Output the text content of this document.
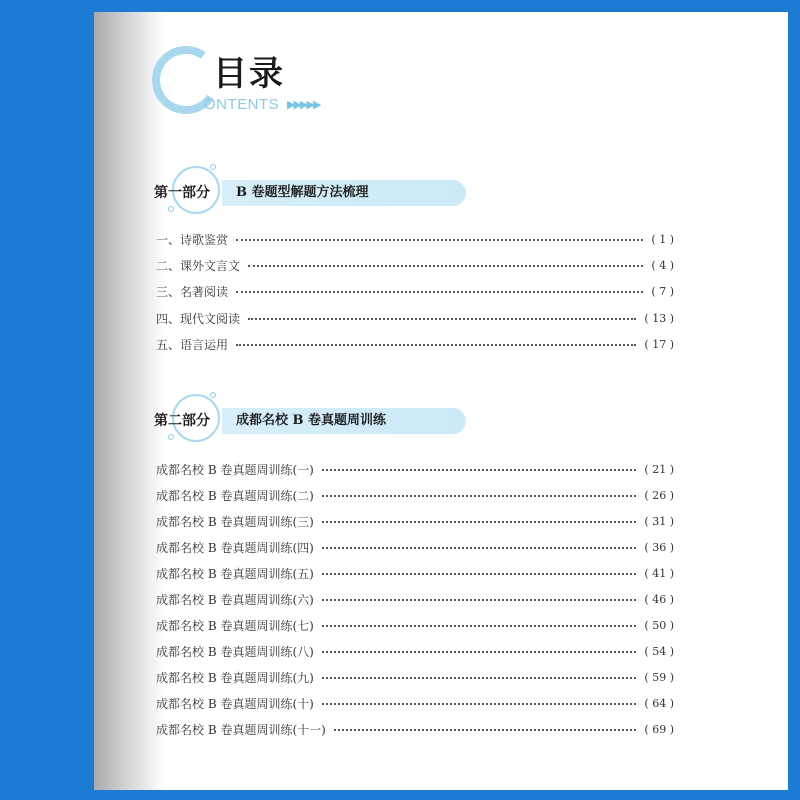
目录
ONTENTS ▶▶▶▶▶
第一部分 B 卷题型解题方法梳理
一、诗歌鉴赏	( 1 )
二、课外文言文	( 4 )
三、名著阅读	( 7 )
四、现代文阅读	( 13 )
五、语言运用	( 17 )
第二部分 成都名校 B 卷真题周训练
成都名校 B 卷真题周训练(一)	( 21 )
成都名校 B 卷真题周训练(二)	( 26 )
成都名校 B 卷真题周训练(三)	( 31 )
成都名校 B 卷真题周训练(四)	( 36 )
成都名校 B 卷真题周训练(五)	( 41 )
成都名校 B 卷真题周训练(六)	( 46 )
成都名校 B 卷真题周训练(七)	( 50 )
成都名校 B 卷真题周训练(八)	( 54 )
成都名校 B 卷真题周训练(九)	( 59 )
成都名校 B 卷真题周训练(十)	( 64 )
成都名校 B 卷真题周训练(十一)	( 69 )
